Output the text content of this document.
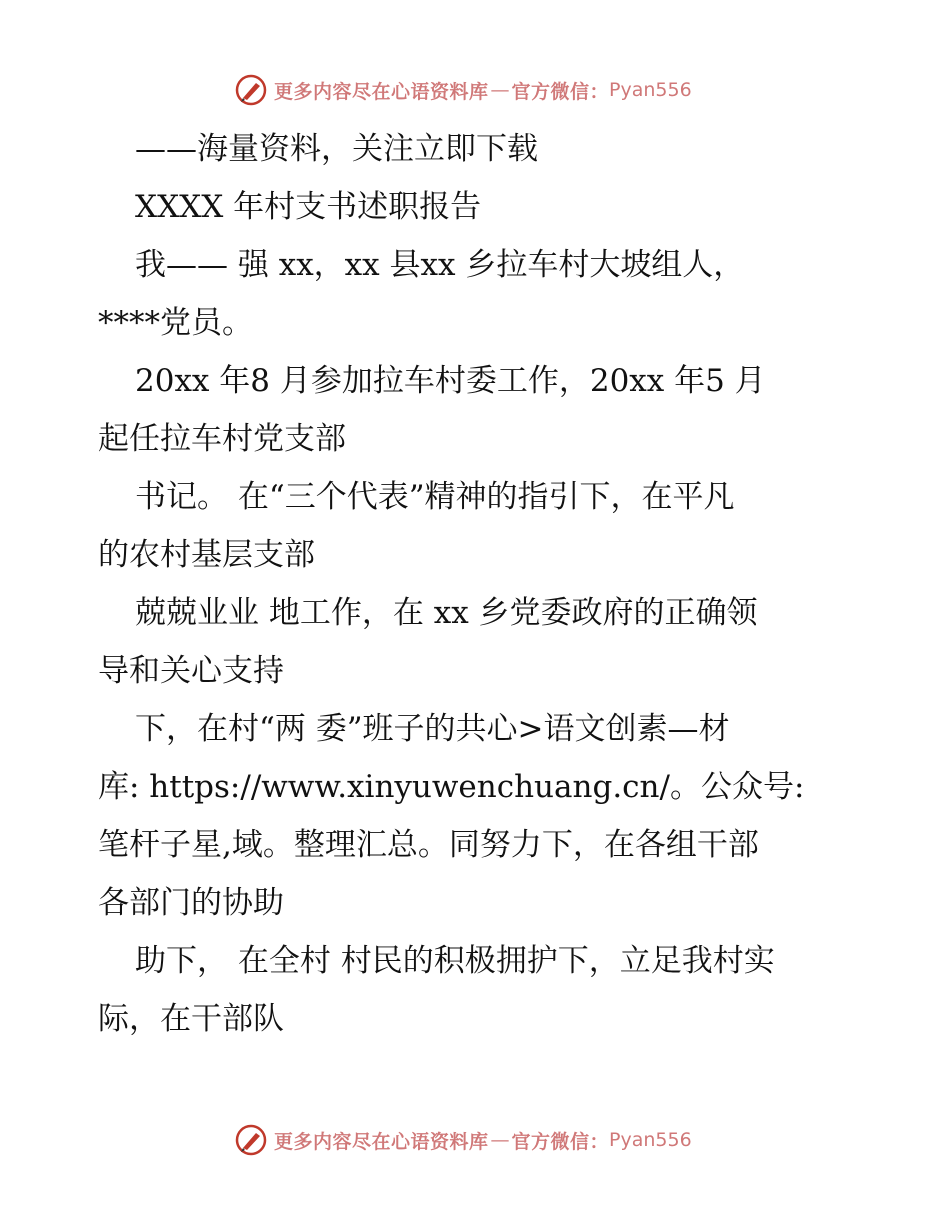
更多内容尽在心语资料库 — 官方微信： Pyan556

——海量资料，关注立即下载

XXXX 年村支书述职报告

我—— 强 xx，xx 县xx 乡拉车村大坡组人，

****党员。

20xx 年8 月参加拉车村委工作，20xx 年5 月

起任拉车村党支部

书记。 在“三个代表”精神的指引下，在平凡

的农村基层支部

兢兢业业 地工作，在 xx 乡党委政府的正确领

导和关心支持

下，在村“两 委”班子的共心>语文创素—材

库: https://www.xinyuwenchuang.cn/。公众号:

笔杆子星,域。整理汇总。同努力下，在各组干部

各部门的协助

助下， 在全村 村民的积极拥护下，立足我村实

际，在干部队

更多内容尽在心语资料库 — 官方微信： Pyan556
